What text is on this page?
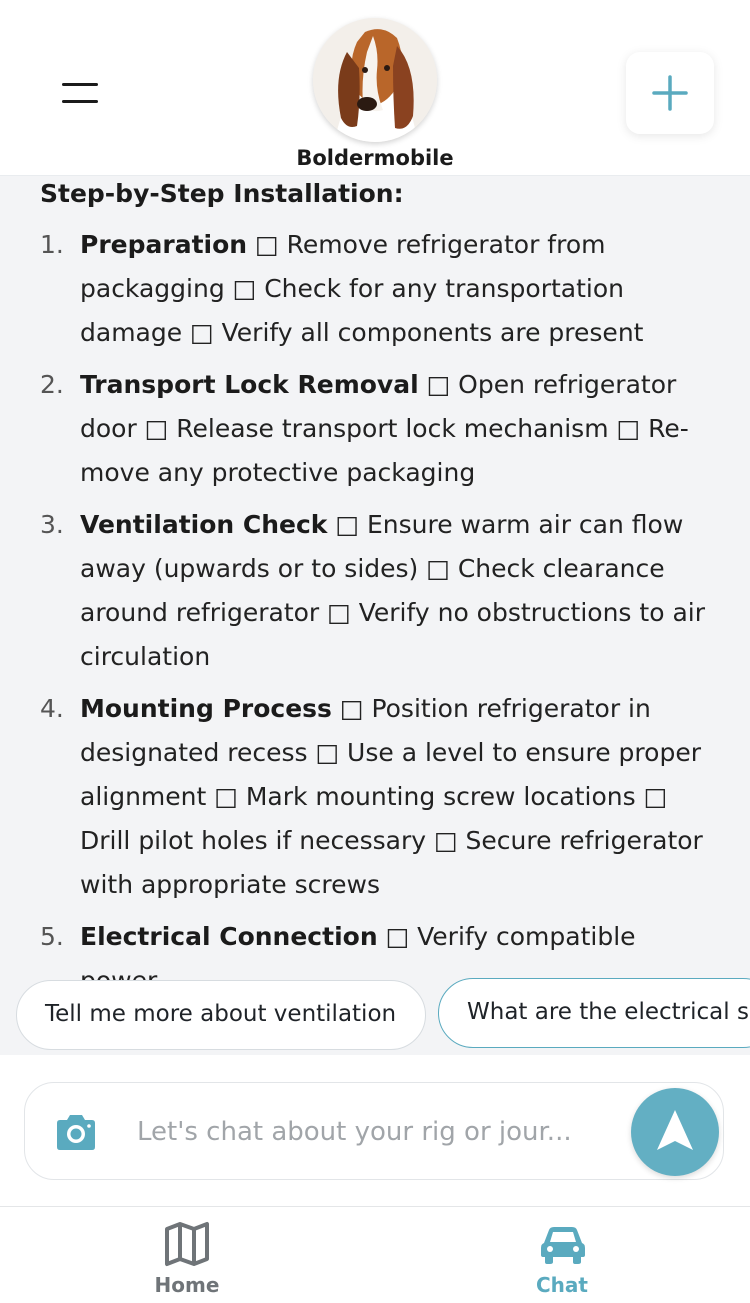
Boldermobile
Step-by-Step Installation:
1. Preparation □ Remove refrigerator from packagging □ Check for any transportation damage □ Verify all components are present
2. Transport Lock Removal □ Open refrigerator door □ Release transport lock mechanism □ Remove any protective packaging
3. Ventilation Check □ Ensure warm air can flow away (upwards or to sides) □ Check clearance around refrigerator □ Verify no obstructions to air circulation
4. Mounting Process □ Position refrigerator in designated recess □ Use a level to ensure proper alignment □ Mark mounting screw locations □ Drill pilot holes if necessary □ Secure refrigerator with appropriate screws
5. Electrical Connection □ Verify compatible
Tell me more about ventilation	What are the electrical s
Let's chat about your rig or jour...
Home	Chat
